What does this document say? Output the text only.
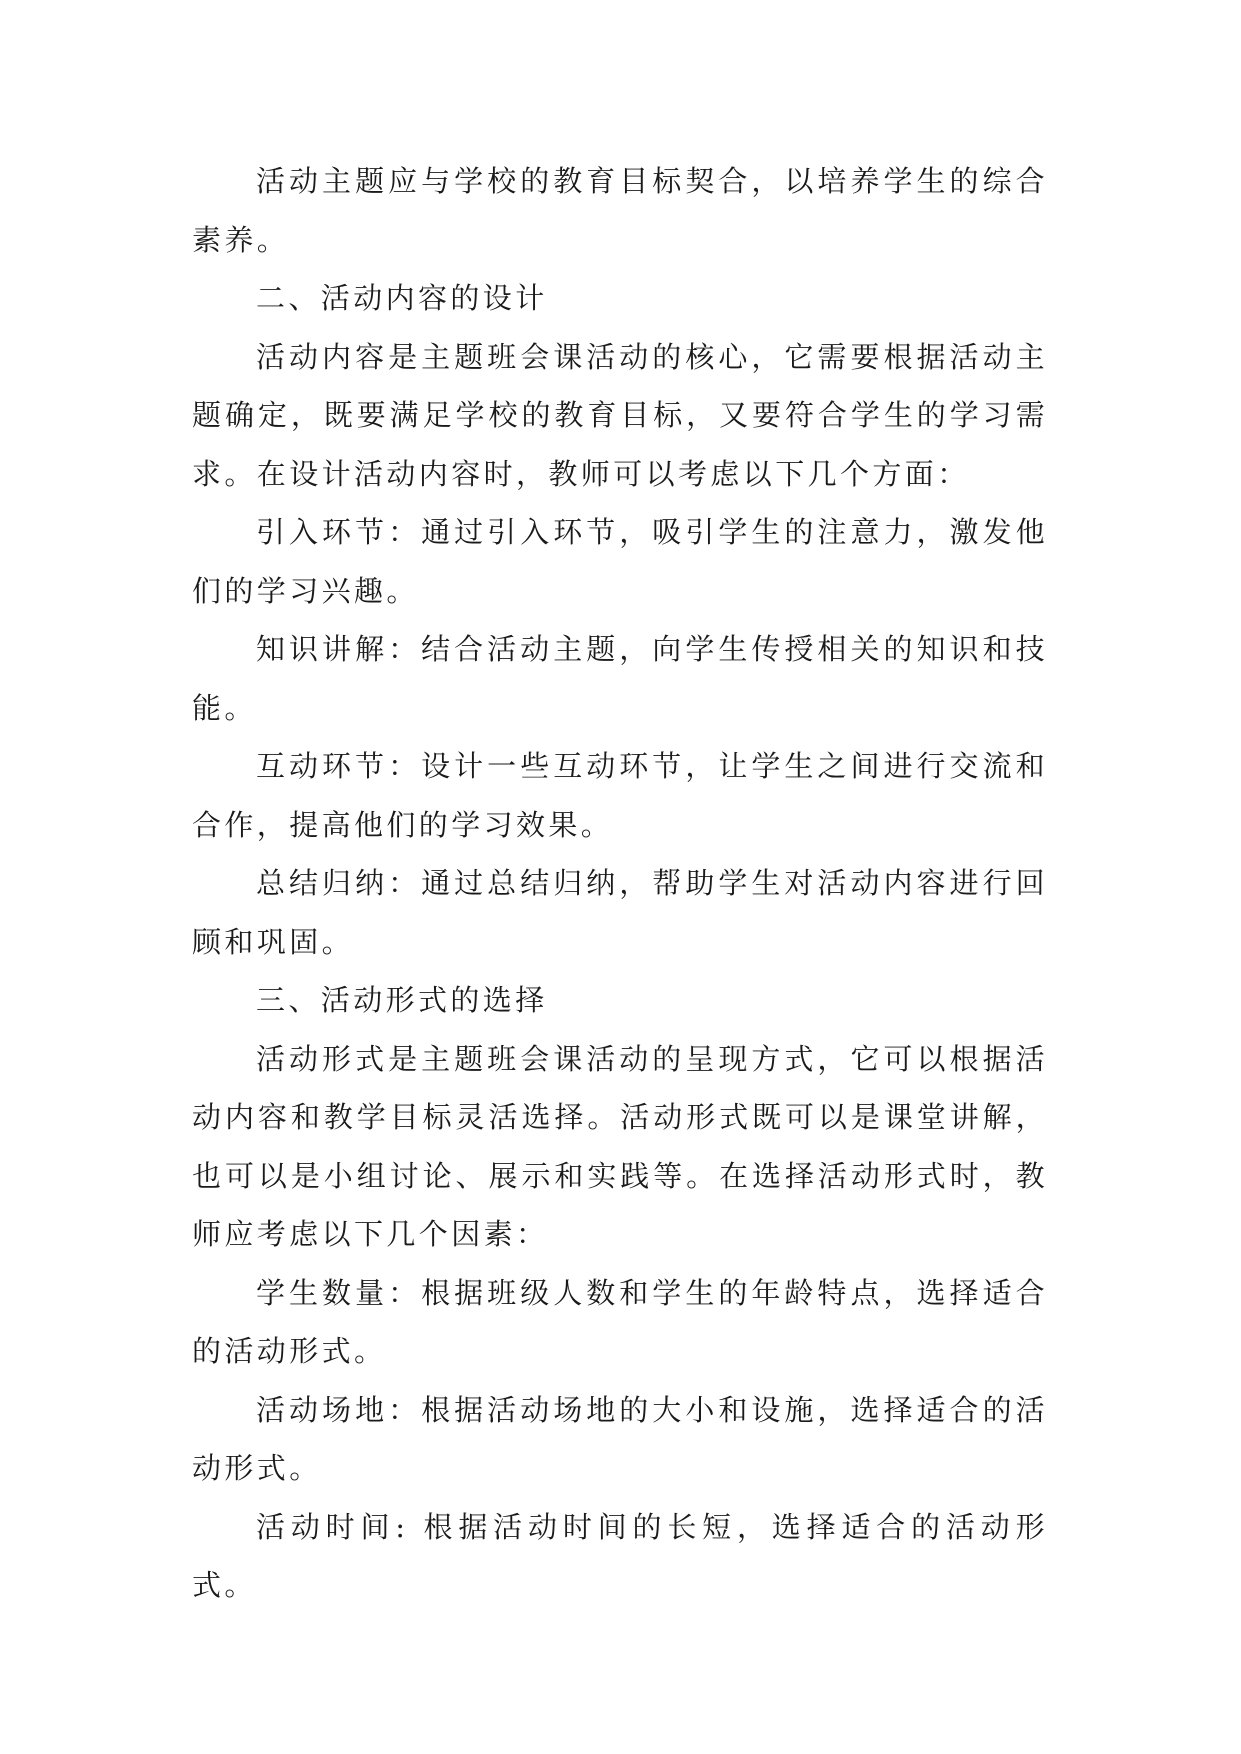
活动主题应与学校的教育目标契合，以培养学生的综合素养。

二、活动内容的设计

活动内容是主题班会课活动的核心，它需要根据活动主题确定，既要满足学校的教育目标，又要符合学生的学习需求。在设计活动内容时，教师可以考虑以下几个方面：

引入环节：通过引入环节，吸引学生的注意力，激发他们的学习兴趣。

知识讲解：结合活动主题，向学生传授相关的知识和技能。

互动环节：设计一些互动环节，让学生之间进行交流和合作，提高他们的学习效果。

总结归纳：通过总结归纳，帮助学生对活动内容进行回顾和巩固。

三、活动形式的选择

活动形式是主题班会课活动的呈现方式，它可以根据活动内容和教学目标灵活选择。活动形式既可以是课堂讲解，也可以是小组讨论、展示和实践等。在选择活动形式时，教师应考虑以下几个因素：

学生数量：根据班级人数和学生的年龄特点，选择适合的活动形式。

活动场地：根据活动场地的大小和设施，选择适合的活动形式。

活动时间: 根据活动时间的长短，选择适合的活动形式。
